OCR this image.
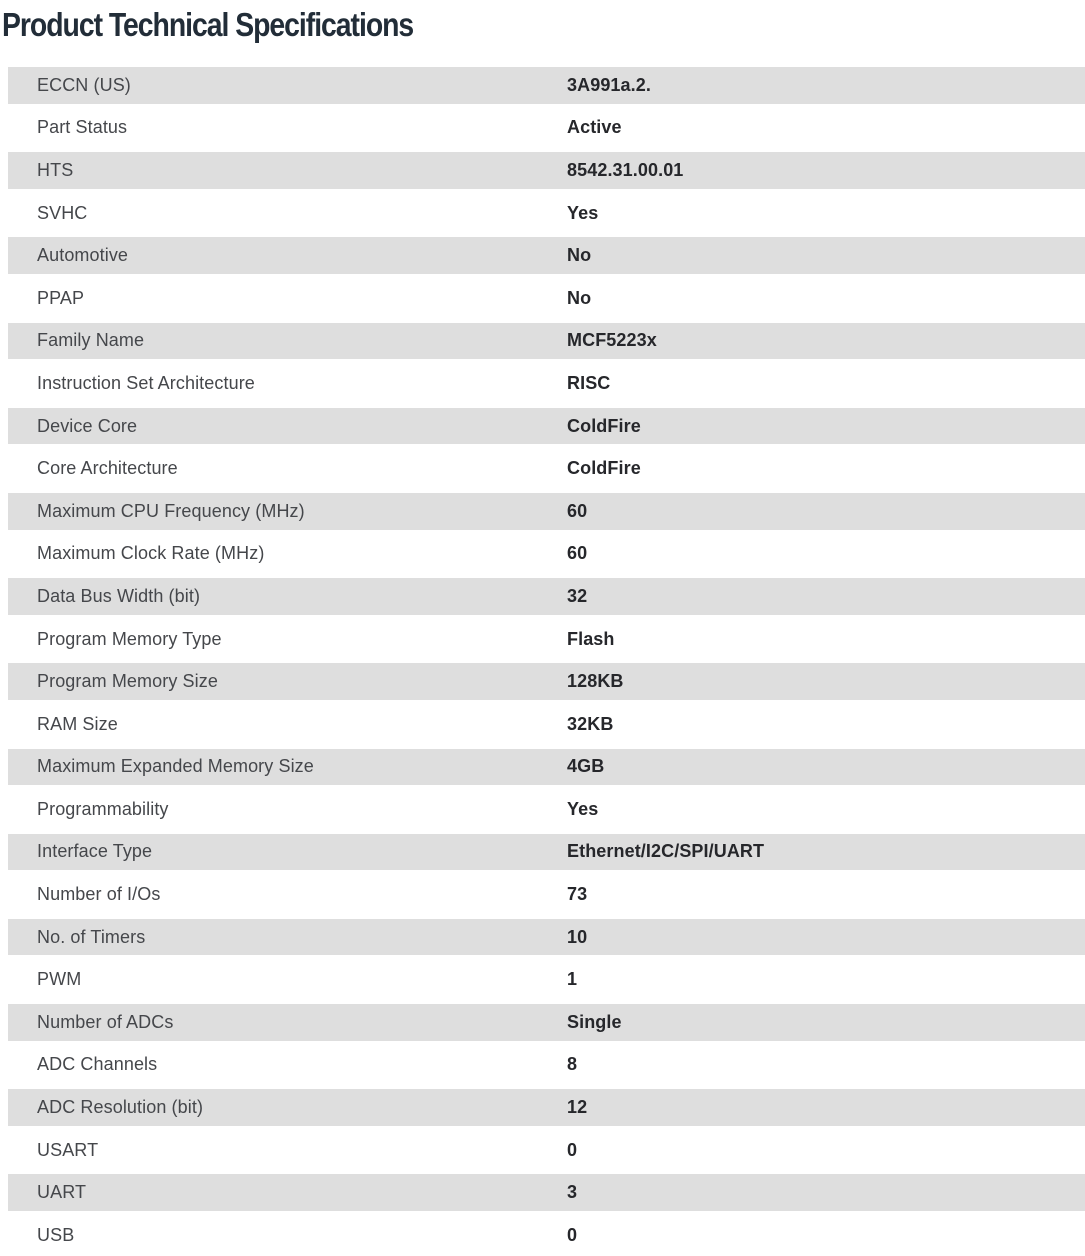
Product Technical Specifications
ECCN (US)	3A991a.2.
Part Status	Active
HTS	8542.31.00.01
SVHC	Yes
Automotive	No
PPAP	No
Family Name	MCF5223x
Instruction Set Architecture	RISC
Device Core	ColdFire
Core Architecture	ColdFire
Maximum CPU Frequency (MHz)	60
Maximum Clock Rate (MHz)	60
Data Bus Width (bit)	32
Program Memory Type	Flash
Program Memory Size	128KB
RAM Size	32KB
Maximum Expanded Memory Size	4GB
Programmability	Yes
Interface Type	Ethernet/I2C/SPI/UART
Number of I/Os	73
No. of Timers	10
PWM	1
Number of ADCs	Single
ADC Channels	8
ADC Resolution (bit)	12
USART	0
UART	3
USB	0
